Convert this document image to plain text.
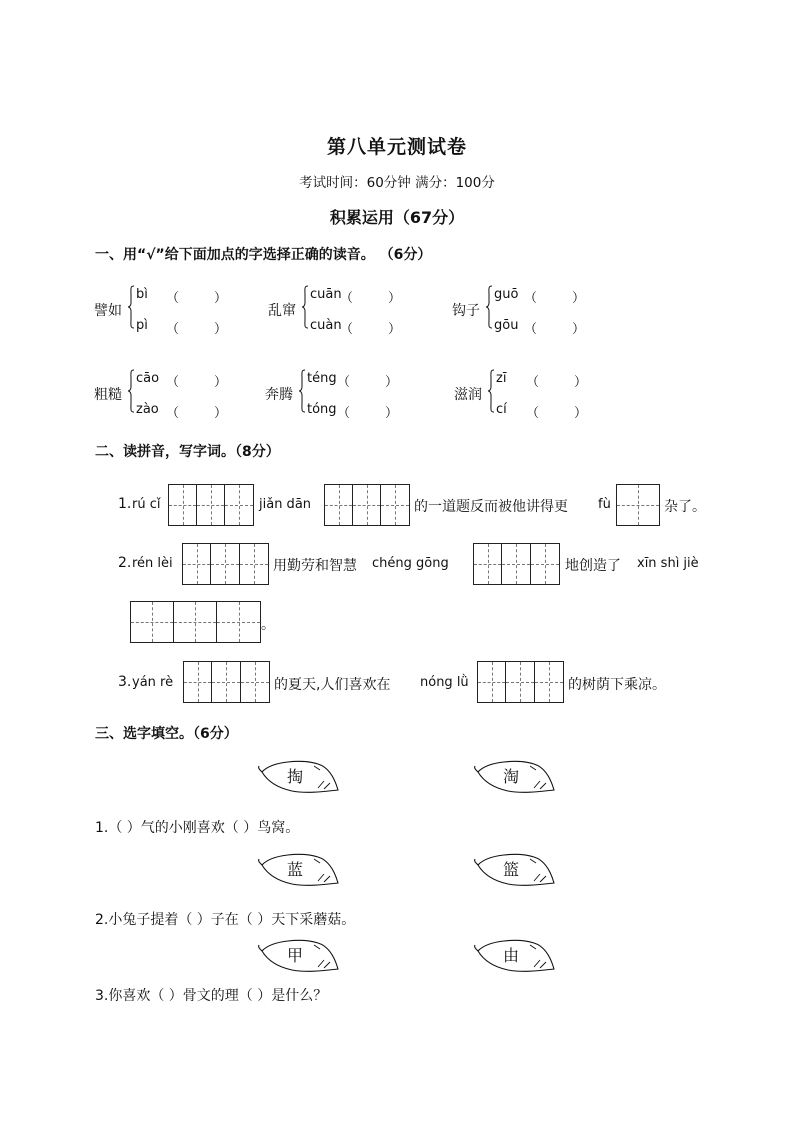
第八单元测试卷
考试时间：60分钟 满分：100分
积累运用（67分）
一、用“√”给下面加点的字选择正确的读音。 （6分）
譬如
bì （	）
pì （	）
乱窜
cuān
（	）
cuàn
（	）
钩子
guō （	）
gōu （	）
粗糙
cāo （	）
zào （	）
奔腾
téng （	）
tóng （	）
滋润
zī （	）
cí （	）
二、读拼音，写字词。（8分）
1. rú cǐ	jiǎn dān	的一道题反而被他讲得更 fù	杂了。
2. rén lèi	用勤劳和智慧 chéng gōng	地创造了 xīn shì jiè
。
3. yán rè	的夏天,人们喜欢在 nóng lǜ	的树荫下乘凉。
三、选字填空。（6分）
掏	淘
1.（ ）气的小刚喜欢（ ）鸟窝。
蓝	篮
2.小兔子提着（ ）子在（ ）天下采蘑菇。
甲	由
3.你喜欢（ ）骨文的理（ ）是什么？
